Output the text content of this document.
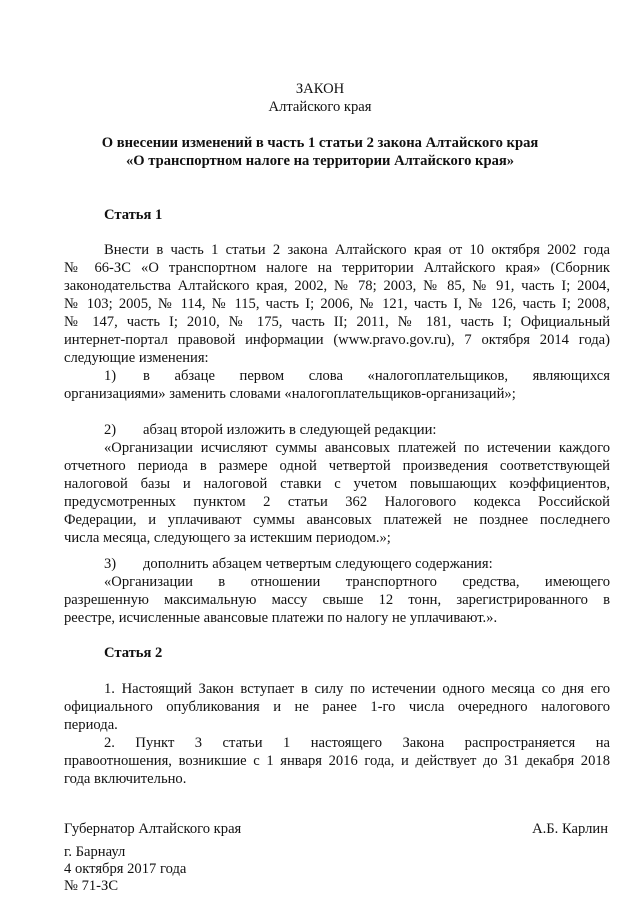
ЗАКОН
Алтайского края
О внесении изменений в часть 1 статьи 2 закона Алтайского края
«О транспортном налоге на территории Алтайского края»
Статья 1
Внести в часть 1 статьи 2 закона Алтайского края от 10 октября 2002 года
№ 66-ЗС «О транспортном налоге на территории Алтайского края» (Сборник
законодательства Алтайского края, 2002, № 78; 2003, № 85, № 91, часть I; 2004,
№ 103; 2005, № 114, № 115, часть I; 2006, № 121, часть I, № 126, часть I; 2008,
№ 147, часть I; 2010, № 175, часть II; 2011, № 181, часть I; Официальный
интернет-портал правовой информации (www.pravo.gov.ru), 7 октября 2014 года)
следующие изменения:
1) в абзаце первом слова «налогоплательщиков, являющихся
организациями» заменить словами «налогоплательщиков-организаций»;
2) абзац второй изложить в следующей редакции:
«Организации исчисляют суммы авансовых платежей по истечении каждого
отчетного периода в размере одной четвертой произведения соответствующей
налоговой базы и налоговой ставки с учетом повышающих коэффициентов,
предусмотренных пунктом 2 статьи 362 Налогового кодекса Российской
Федерации, и уплачивают суммы авансовых платежей не позднее последнего
числа месяца, следующего за истекшим периодом.»;
3) дополнить абзацем четвертым следующего содержания:
«Организации в отношении транспортного средства, имеющего
разрешенную максимальную массу свыше 12 тонн, зарегистрированного в
реестре, исчисленные авансовые платежи по налогу не уплачивают.».
Статья 2
1. Настоящий Закон вступает в силу по истечении одного месяца со дня его
официального опубликования и не ранее 1-го числа очередного налогового
периода.
2. Пункт 3 статьи 1 настоящего Закона распространяется на
правоотношения, возникшие с 1 января 2016 года, и действует до 31 декабря 2018
года включительно.
Губернатор Алтайского края	А.Б. Карлин
г. Барнаул
4 октября 2017 года
№ 71-ЗС
